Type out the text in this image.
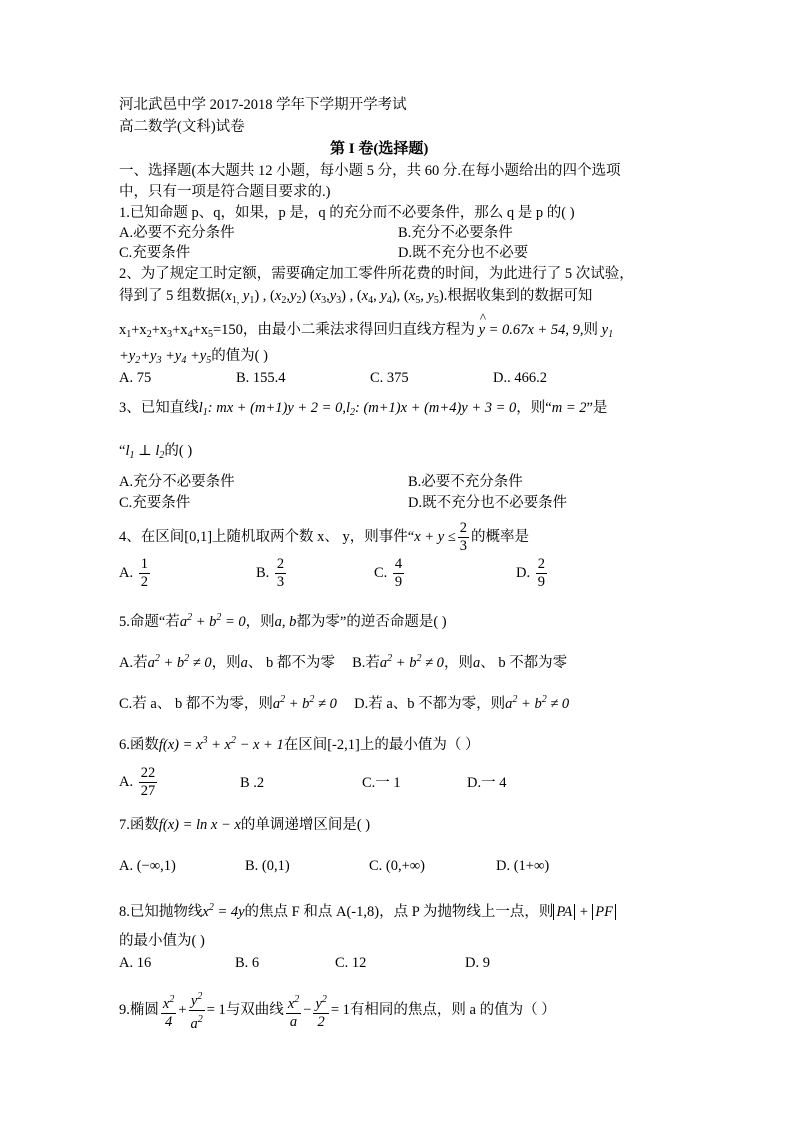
河北武邑中学 2017-2018 学年下学期开学考试
高二数学(文科)试卷
第 I 卷(选择题)
一、选择题(本大题共 12 小题，每小题 5 分，共 60 分.在每小题给出的四个选项
中，只有一项是符合题目要求的.)
1.已知命题 p、q，如果，p 是，q 的充分而不必要条件，那么 q 是 p 的( )
A.必要不充分条件	B.充分不必要条件
C.充要条件	D.既不充分也不必要
2、为了规定工时定额，需要确定加工零件所花费的时间，为此进行了 5 次试验，
得到了 5 组数据($x_{1,}$ $y_1$) , $(x_2,y_2)$ $(x_3,y_3)$ , ($x_4$, $y_4$), ($x_5$, $y_5$).根据收集到的数据可知
$x_1+x_2+x_3+x_4+x_5=150$，由最小二乘法求得回归直线方程为 ^ y = 0.67x + 54, 9,则 $y_1$
$+y_2+y_3 +y_4 +y_5$的值为( )
A. 75	B. 155.4	C. 375	D.. 466.2
3、已知直线$l_1$: mx + $(m+1)y + 2 = 0,l_2$: (m+1)x + (m+4)y + 3 = 0，则“m = 2”是
“$l_1$ ⊥ $l_2$的( )
A.充分不必要条件	B.必要不充分条件
C.充要条件	D.既不充分也不必要条件
4、在区间[0,1]上随机取两个数 x、 y，则事件“$x + y \le \frac{2}{3}$ 的概率是
A. $\frac{1}{2}$	B. $\frac{2}{3}$	C. $\frac{4}{9}$	D. $\frac{2}{9}$
5.命题“若$a^2 + b^2 = 0$，则a, b都为零”的逆否命题是( )
A.若$a^2 + b^2 \ne 0$，则a、 b 都不为零 B.若$a^2 + b^2 \ne 0$，则a、 b 不都为零
C.若 a、 b 都不为零，则$a^2 + b^2 \ne 0$ D.若 a、b 不都为零，则$a^2 + b^2 \ne 0$
6.函数$f(x) = x^3 + x^2 - x + 1$在区间[-2,1]上的最小值为（ ）
A. $\frac{22}{27}$	B .2	C.一 1	D.一 4
7.函数f(x) = ln x − x的单调递增区间是( )
A. (−∞,1)	B. (0,1)	C. (0,+∞)	D. (1+∞)
8.已知抛物线$x^2 = 4y$的焦点 F 和点 A(-1,8)，点 P 为抛物线上一点，则 PA + PF
的最小值为( )
A. 16	B. 6	C. 12	D. 9
9.椭圆 $\frac{x^2}{4} + \frac{y^2}{a^2} = 1$与双曲线 $\frac{x^2}{a} - \frac{y^2}{2} = 1$有相同的焦点，则 a 的值为（ ）
